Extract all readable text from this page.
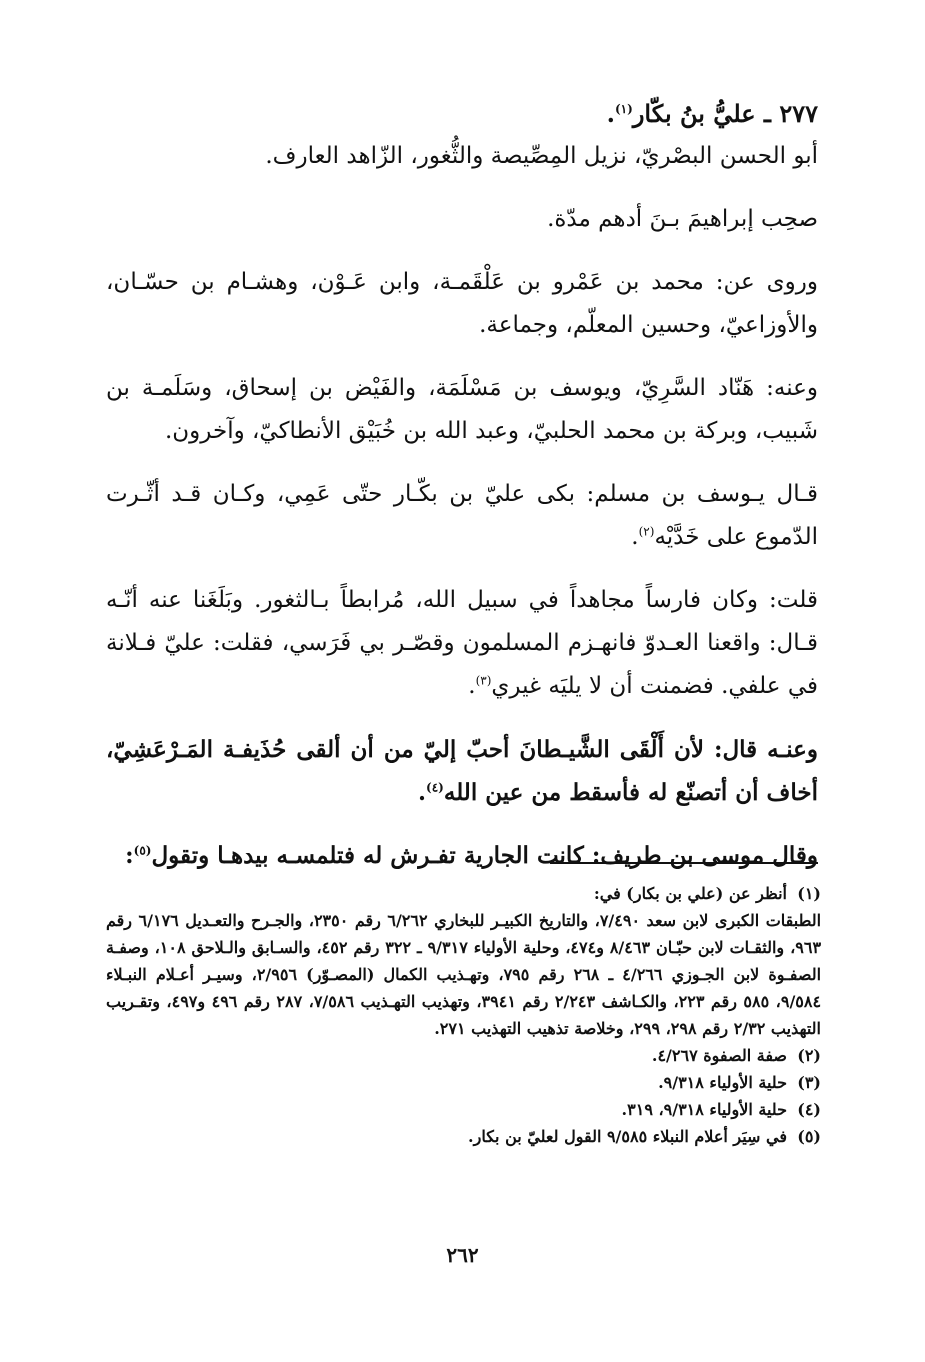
٢٧٧ ـ عليُّ بنُ بكّار$^{(١)}$.

أبو الحسن البصْريّ، نزيل المِصِّيصة والثُّغور، الزّاهد العارف.

صحِب إبراهيمَ بـنَ أدهم مدّة.

وروى عن: محمد بن عَمْرو بن عَلْقَمـة، وابن عَـوْن، وهشـام بن حسّـان، والأوزاعيّ، وحسين المعلّم، وجماعة.

وعنه: هَنّاد السَّرِيّ، ويوسف بن مَسْلَمَة، والفَيْض بن إسحاق، وسَلَمـة بن شَبيب، وبركة بن محمد الحلبيّ، وعبد الله بن خُبَيْق الأنطاكيّ، وآخرون.

قـال يـوسف بن مسلم: بكى عليّ بن بكّـار حتّى عَمِي، وكـان قـد أثّـرت الدّموع على خَدَّيْه$^{(٢)}$.

قلت: وكان فارساً مجاهداً في سبيل الله، مُرابطاً بـالثغور. وبَلَغَنا عنه أنّـه قـال: واقعنا العـدوّ فانهـزم المسلمون وقصّـر بي فَرَسي، فقلت: عليّ فـلانة في علفي. فضمنت أن لا يليَه غيري$^{(٣)}$.

وعنـه قال: لأن أَلْقَى الشَّيـطانَ أحبّ إليّ من أن ألقى حُذَيفـة المَـرْعَشِيّ، أخاف أن أتصنّع له فأسقط من عين الله$^{(٤)}$.

وقال موسى بن طريف: كانت الجارية تفـرش له فتلمسـه بيدهـا وتقول$^{(٥)}$:

(١)
أنظر عن (علي بن بكار) في:

الطبقات الكبرى لابن سعد ٧/٤٩٠، والتاريخ الكبيـر للبخاري ٦/٢٦٢ رقم ٢٣٥٠، والجـرح والتعـديل ٦/١٧٦ رقم ٩٦٣، والثقـات لابن حبّـان ٨/٤٦٣ و٤٧٤، وحلية الأولياء ٩/٣١٧ ـ ٣٢٢ رقم ٤٥٢، والسـابق والـلاحق ١٠٨، وصفـة الصفـوة لابن الجـوزي ٤/٢٦٦ ـ ٢٦٨ رقم ٧٩٥، وتهـذيب الكمال (المصـوّر) ٢/٩٥٦، وسيـر أعـلام النبـلاء ٩/٥٨٤، ٥٨٥ رقم ٢٢٣، والكـاشف ٢/٢٤٣ رقم ٣٩٤١، وتهذيب التهـذيب ٧/٥٨٦، ٢٨٧ رقم ٤٩٦ و٤٩٧، وتقـريب التهذيب ٢/٣٢ رقم ٢٩٨، ٢٩٩، وخلاصة تذهيب التهذيب ٢٧١.

(٢)
صفة الصفوة ٤/٢٦٧.
(٣)
حلية الأولياء ٩/٣١٨.
(٤)
حلية الأولياء ٩/٣١٨، ٣١٩.
(٥)
في سِيَر أعلام النبلاء ٩/٥٨٥ القول لعليّ بن بكار.
٢٦٢
